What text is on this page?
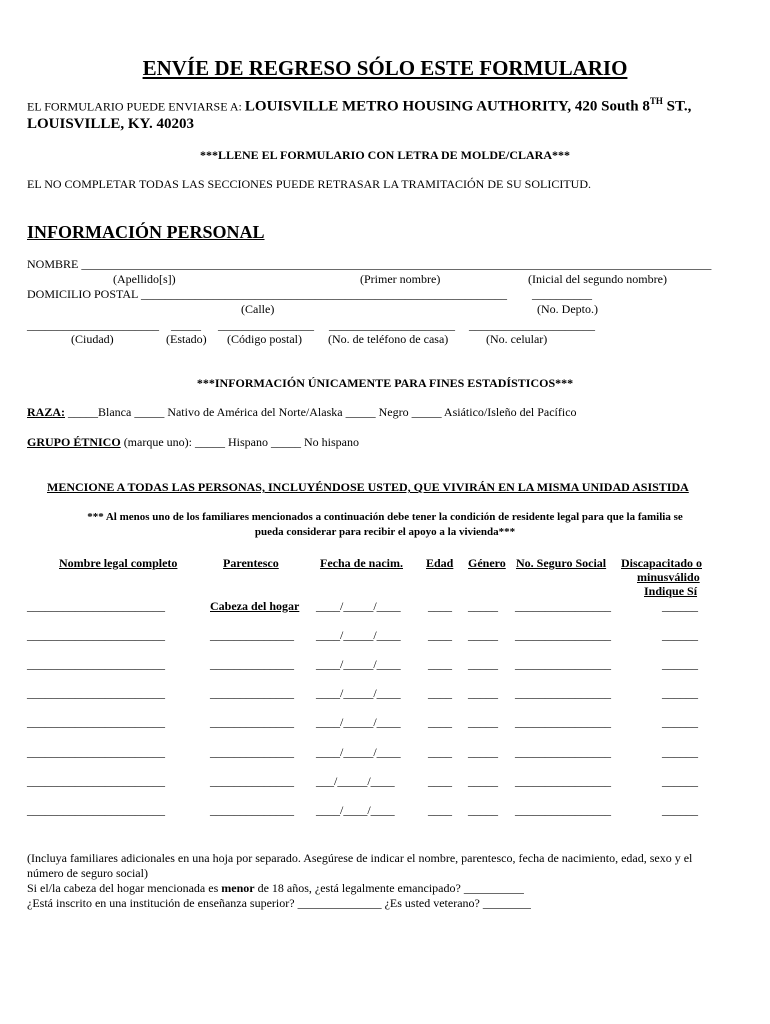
ENVÍE DE REGRESO SÓLO ESTE FORMULARIO
EL FORMULARIO PUEDE ENVIARSE A: LOUISVILLE METRO HOUSING AUTHORITY, 420 South 8TH ST.,
LOUISVILLE, KY. 40203
***LLENE EL FORMULARIO CON LETRA DE MOLDE/CLARA***
EL NO COMPLETAR TODAS LAS SECCIONES PUEDE RETRASAR LA TRAMITACIÓN DE SU SOLICITUD.
INFORMACIÓN PERSONAL
NOMBRE _________________________________________________________________________________________________________
(Apellido[s])	(Primer nombre)	(Inicial del segundo nombre)
DOMICILIO POSTAL _____________________________________________________________ __________
(Calle)	(No. Depto.)
______________________ _____ ________________ _____________________ _____________________
(Ciudad)	(Estado) (Código postal) (No. de teléfono de casa)	(No. celular)
***INFORMACIÓN ÚNICAMENTE PARA FINES ESTADÍSTICOS***
RAZA: _____Blanca _____ Nativo de América del Norte/Alaska _____ Negro _____ Asiático/Isleño del Pacífico
GRUPO ÉTNICO (marque uno): _____ Hispano _____ No hispano
MENCIONE A TODAS LAS PERSONAS, INCLUYÉNDOSE USTED, QUE VIVIRÁN EN LA MISMA UNIDAD ASISTIDA
*** Al menos uno de los familiares mencionados a continuación debe tener la condición de residente legal para que la familia se
pueda considerar para recibir el apoyo a la vivienda***
Nombre legal completo	Parentesco	Fecha de nacim. Edad Género No. Seguro Social Discapacitado o
minusválido
Indique Sí
_______________________	Cabeza del hogar ____/_____/____ ____ _____ ________________	______
_______________________	______________ ____/_____/____ ____ _____ ________________	______
_______________________	______________ ____/_____/____ ____ _____ ________________	______
_______________________	______________ ____/_____/____ ____ _____ ________________	______
_______________________	______________ ____/_____/____ ____ _____ ________________	______
_______________________	______________ ____/_____/____ ____ _____ ________________	______
_______________________	______________ ___/_____/____	____ _____ ________________	______
_______________________	______________ ____/____/____	____ _____ ________________	______
(Incluya familiares adicionales en una hoja por separado. Asegúrese de indicar el nombre, parentesco, fecha de nacimiento, edad, sexo y el
número de seguro social)
Si el/la cabeza del hogar mencionada es menor de 18 años, ¿está legalmente emancipado? __________
¿Está inscrito en una institución de enseñanza superior? ______________ ¿Es usted veterano? ________
